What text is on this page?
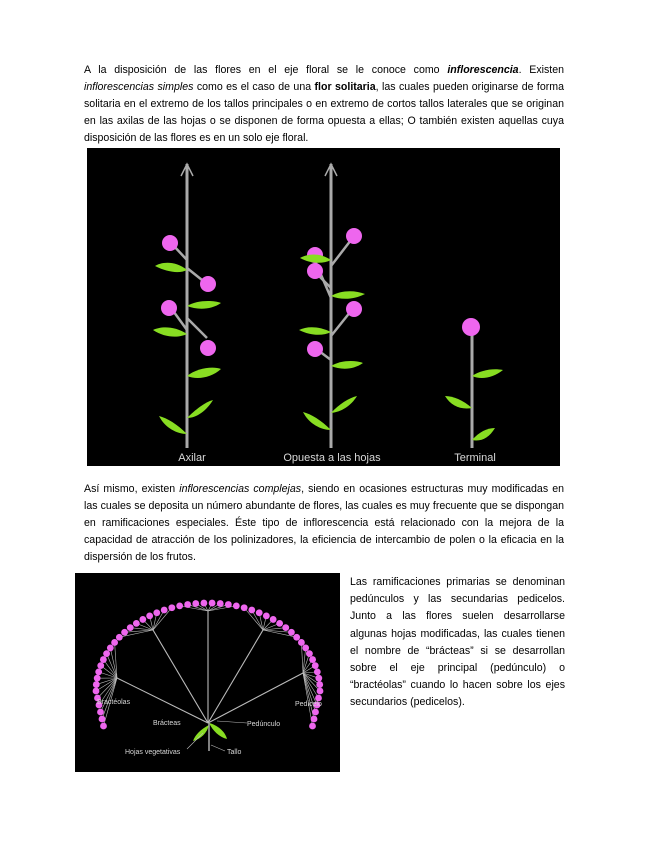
A la disposición de las flores en el eje floral se le conoce como inflorescencia. Existen inflorescencias simples como es el caso de una flor solitaria, las cuales pueden originarse de forma solitaria en el extremo de los tallos principales o en extremo de cortos tallos laterales que se originan en las axilas de las hojas o se disponen de forma opuesta a ellas; O también existen aquellas cuya disposición de las flores es en un solo eje floral.
Axilar	Opuesta a las hojas	Terminal
Así mismo, existen inflorescencias complejas, siendo en ocasiones estructuras muy modificadas en las cuales se deposita un número abundante de flores, las cuales es muy frecuente que se dispongan en ramificaciones especiales. Éste tipo de inflorescencia está relacionado con la mejora de la capacidad de atracción de los polinizadores, la eficiencia de intercambio de polen o la eficacia en la dispersión de los frutos.
Bractéolas	Pedicelo
Brácteas	Pedúnculo
Hojas vegetativas	Tallo
Las ramificaciones primarias se denominan pedúnculos y las secundarias pedicelos. Junto a las flores suelen desarrollarse algunas hojas modificadas, las cuales tienen el nombre de “brácteas” si se desarrollan sobre el eje principal (pedúnculo) o “bractéolas” cuando lo hacen sobre los ejes secundarios (pedicelos).
